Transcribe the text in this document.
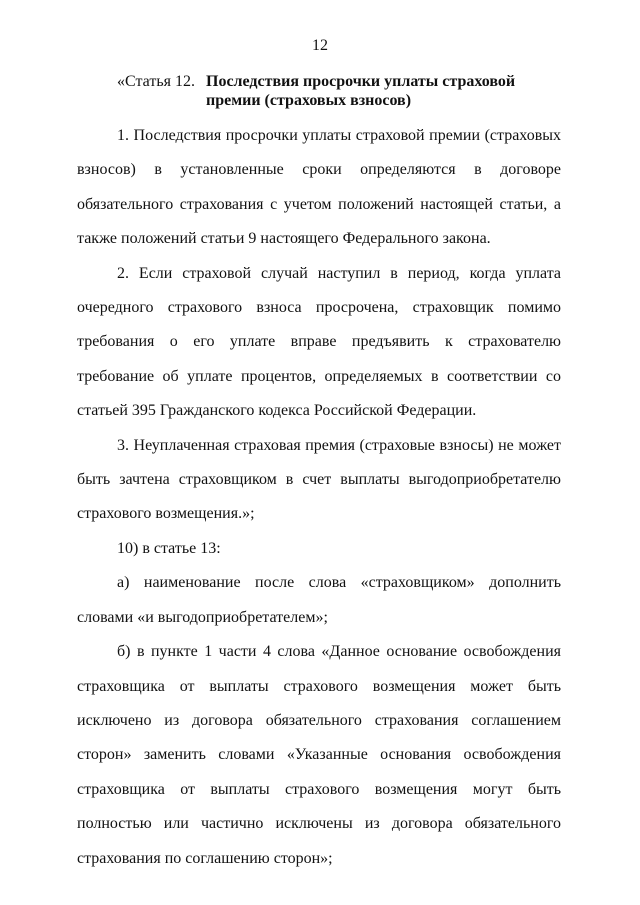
12
«Статья 12. Последствия просрочки уплаты страховой премии (страховых взносов)

1. Последствия просрочки уплаты страховой премии (страховых взносов) в установленные сроки определяются в договоре обязательного страхования с учетом положений настоящей статьи, а также положений статьи 9 настоящего Федерального закона.

2. Если страховой случай наступил в период, когда уплата очередного страхового взноса просрочена, страховщик помимо требования о его уплате вправе предъявить к страхователю требование об уплате процентов, определяемых в соответствии со статьей 395 Гражданского кодекса Российской Федерации.

3. Неуплаченная страховая премия (страховые взносы) не может быть зачтена страховщиком в счет выплаты выгодоприобретателю страхового возмещения.»;

10) в статье 13:

а) наименование после слова «страховщиком» дополнить словами «и выгодоприобретателем»;

б) в пункте 1 части 4 слова «Данное основание освобождения страховщика от выплаты страхового возмещения может быть исключено из договора обязательного страхования соглашением сторон» заменить словами «Указанные основания освобождения страховщика от выплаты страхового возмещения могут быть полностью или частично исключены из договора обязательного страхования по соглашению сторон»;
